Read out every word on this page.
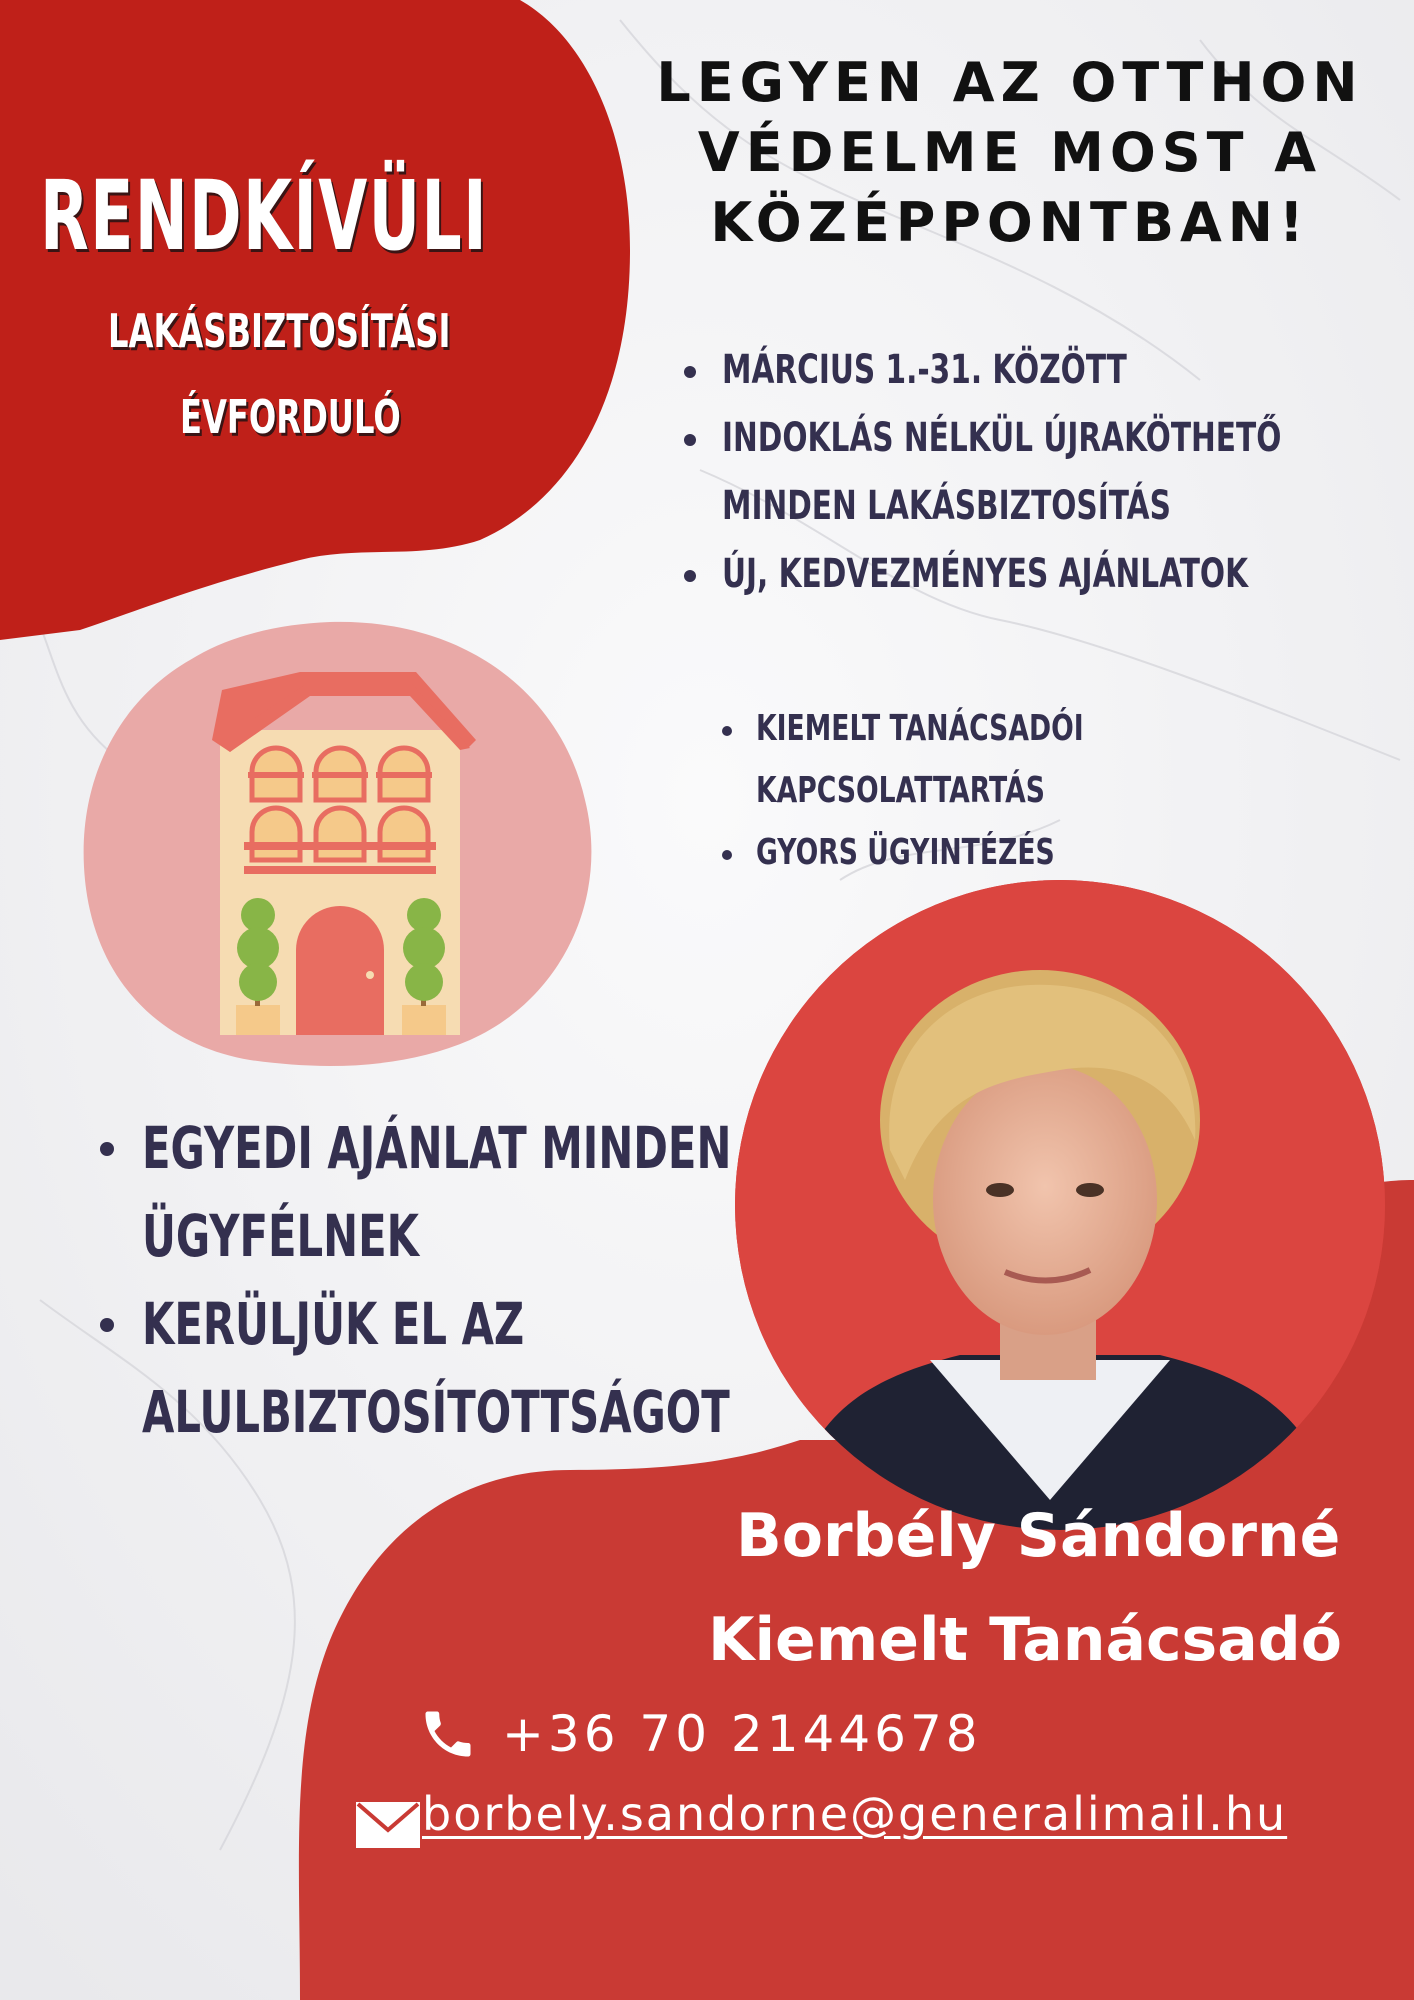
RENDKÍVÜLI
LAKÁSBIZTOSÍTÁSI
ÉVFORDULÓ
LEGYEN AZ OTTHON
VÉDELME MOST A
KÖZÉPPONTBAN!
MÁRCIUS 1.-31. KÖZÖTT
INDOKLÁS NÉLKÜL ÚJRAKÖTHETŐ
MINDEN LAKÁSBIZTOSÍTÁS
ÚJ, KEDVEZMÉNYES AJÁNLATOK
KIEMELT TANÁCSADÓI
KAPCSOLATTARTÁS
GYORS ÜGYINTÉZÉS
EGYEDI AJÁNLAT MINDEN
ÜGYFÉLNEK
KERÜLJÜK EL AZ
ALULBIZTOSÍTOTTSÁGOT
Borbély Sándorné
Kiemelt Tanácsadó
+36 70 2144678
borbely.sandorne@generalimail.hu
